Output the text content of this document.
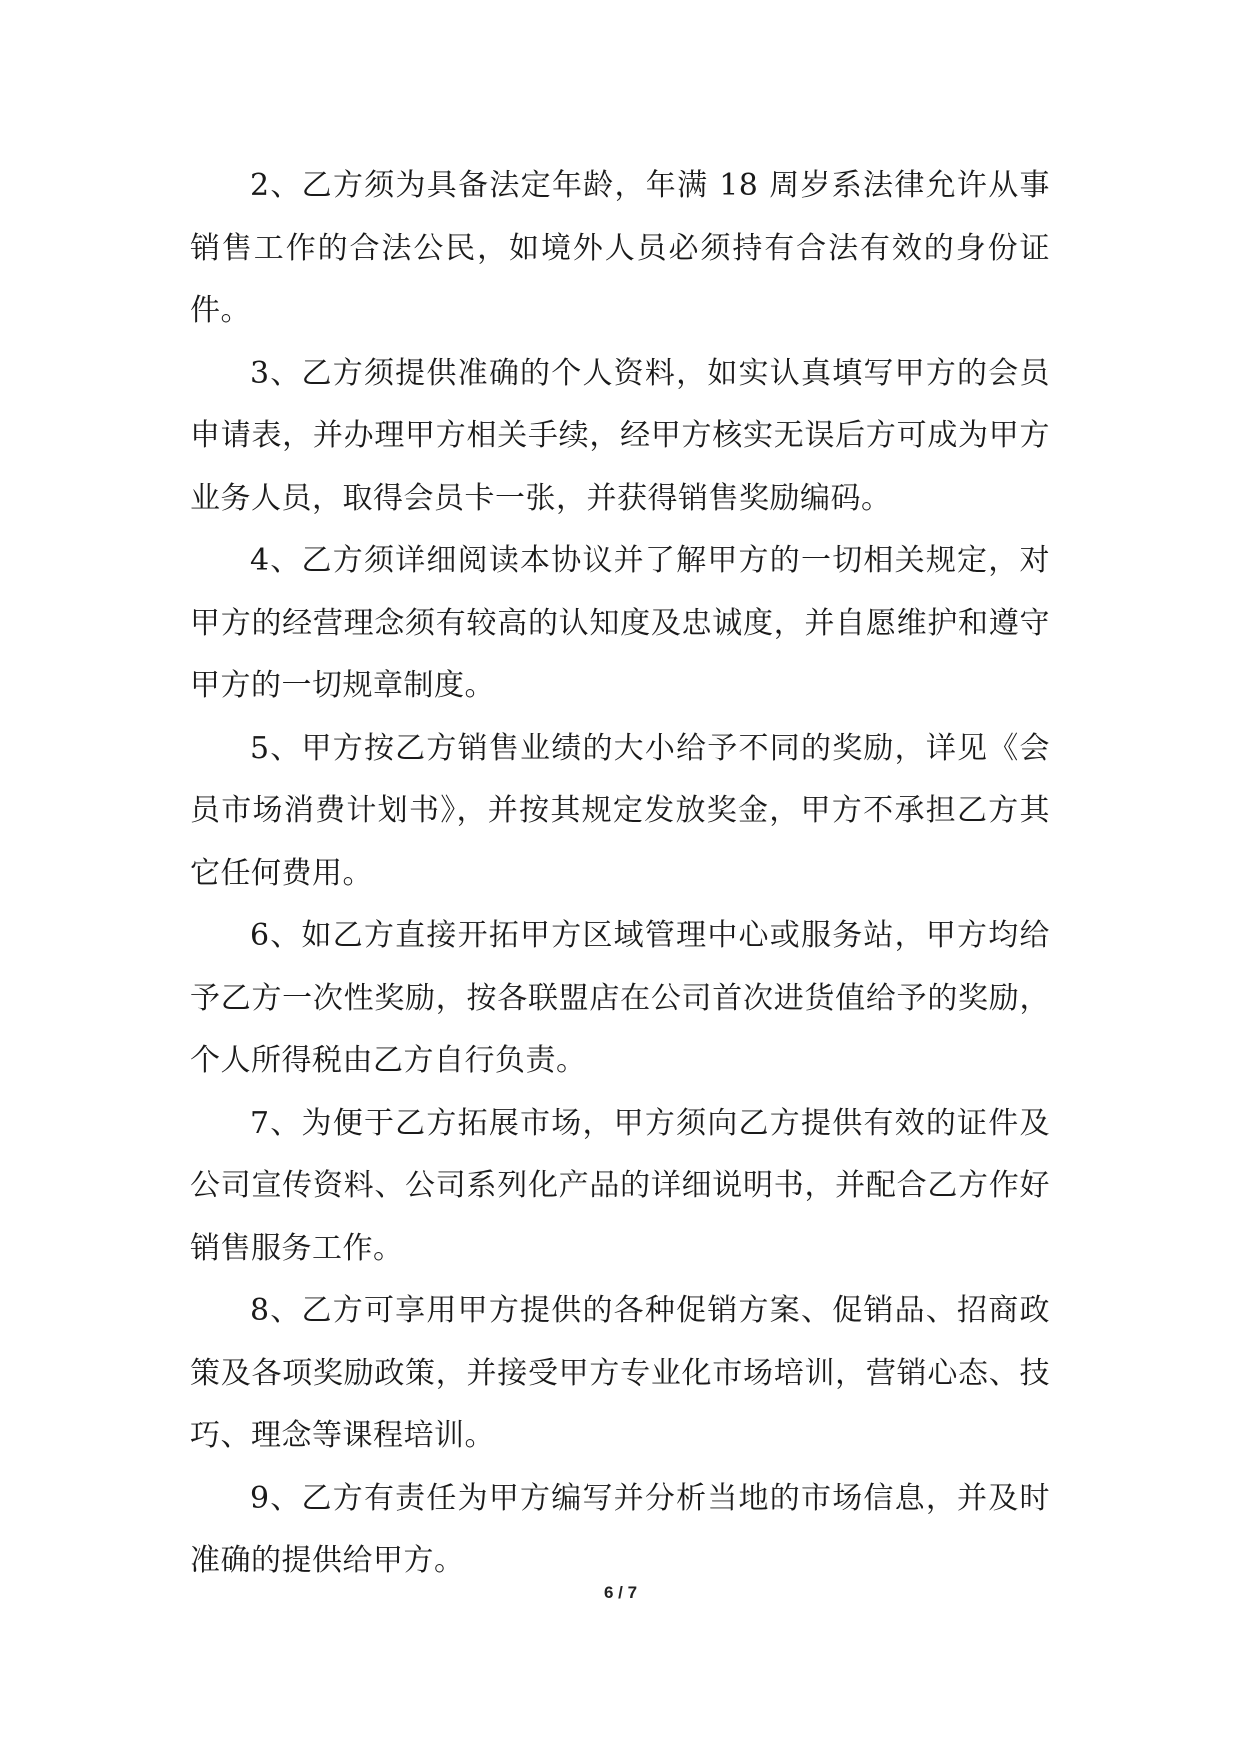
2、乙方须为具备法定年龄，年满 18 周岁系法律允许从事销售工作的合法公民，如境外人员必须持有合法有效的身份证件。

3、乙方须提供准确的个人资料，如实认真填写甲方的会员申请表，并办理甲方相关手续，经甲方核实无误后方可成为甲方业务人员，取得会员卡一张，并获得销售奖励编码。

4、乙方须详细阅读本协议并了解甲方的一切相关规定，对甲方的经营理念须有较高的认知度及忠诚度，并自愿维护和遵守甲方的一切规章制度。

5、甲方按乙方销售业绩的大小给予不同的奖励，详见《会员市场消费计划书》，并按其规定发放奖金，甲方不承担乙方其它任何费用。

6、如乙方直接开拓甲方区域管理中心或服务站，甲方均给予乙方一次性奖励，按各联盟店在公司首次进货值给予的奖励，个人所得税由乙方自行负责。

7、为便于乙方拓展市场，甲方须向乙方提供有效的证件及公司宣传资料、公司系列化产品的详细说明书，并配合乙方作好销售服务工作。

8、乙方可享用甲方提供的各种促销方案、促销品、招商政策及各项奖励政策，并接受甲方专业化市场培训，营销心态、技巧、理念等课程培训。

9、乙方有责任为甲方编写并分析当地的市场信息，并及时准确的提供给甲方。

6 / 7
